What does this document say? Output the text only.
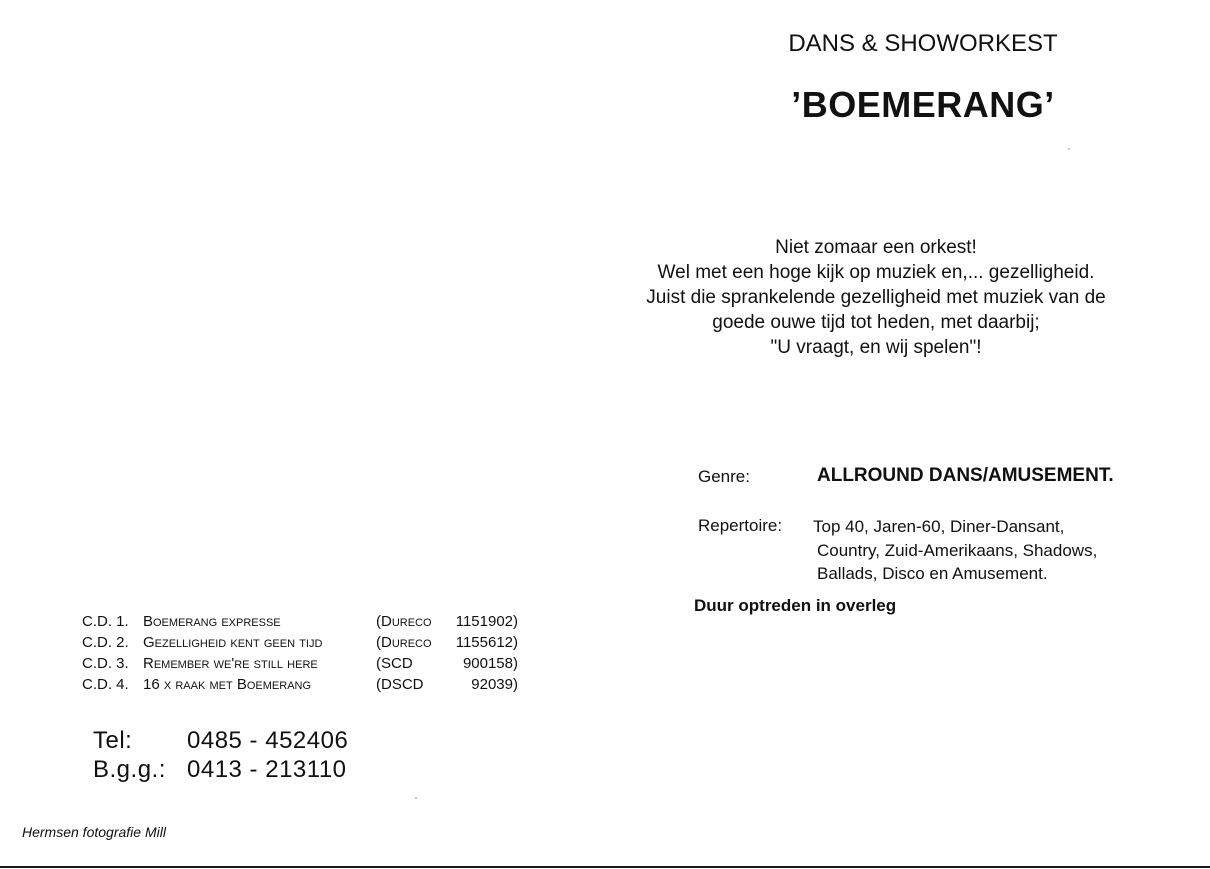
DANS & SHOWORKEST
’BOEMERANG’
Niet zomaar een orkest!
Wel met een hoge kijk op muziek en,... gezelligheid.
Juist die sprankelende gezelligheid met muziek van de
goede ouwe tijd tot heden, met daarbij;
"U vraagt, en wij spelen"!
Genre:	ALLROUND DANS/AMUSEMENT.
Repertoire: Top 40, Jaren-60, Diner-Dansant,
Country, Zuid-Amerikaans, Shadows,
Ballads, Disco en Amusement.
Duur optreden in overleg
C.D. 1. Boemerang expresse	(Dureco	1151902)
C.D. 2. Gezelligheid kent geen tijd	(Dureco	1155612)
C.D. 3. Remember we're still here	(SCD	900158)
C.D. 4. 16 x raak met Boemerang	(DSCD	92039)
Tel: 0485 - 452406
B.g.g.: 0413 - 213110
Hermsen fotografie Mill
